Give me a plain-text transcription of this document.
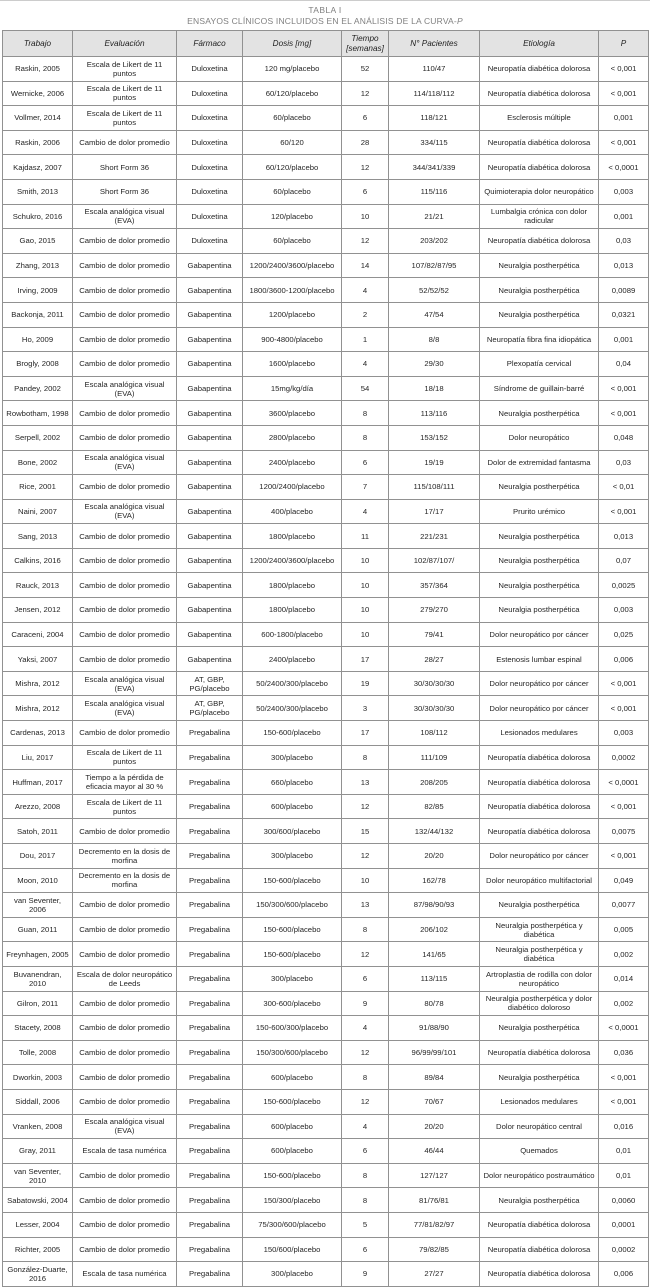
TABLA I
ENSAYOS CLÍNICOS INCLUIDOS EN EL ANÁLISIS DE LA CURVA-P
Trabajo	Evaluación	Fármaco	Dosis [mg]	Tiempo [semanas]	N° Pacientes	Etiología	P
Raskin, 2005	Escala de Likert de 11 puntos	Duloxetina	120 mg/placebo	52	110/47	Neuropatía diabética dolorosa	< 0,001
Wernicke, 2006	Escala de Likert de 11 puntos	Duloxetina	60/120/placebo	12	114/118/112	Neuropatía diabética dolorosa	< 0,001
Vollmer, 2014	Escala de Likert de 11 puntos	Duloxetina	60/placebo	6	118/121	Esclerosis múltiple	0,001
Raskin, 2006	Cambio de dolor promedio	Duloxetina	60/120	28	334/115	Neuropatía diabética dolorosa	< 0,001
Kajdasz, 2007	Short Form 36	Duloxetina	60/120/placebo	12	344/341/339	Neuropatía diabética dolorosa	< 0,0001
Smith, 2013	Short Form 36	Duloxetina	60/placebo	6	115/116	Quimioterapia dolor neuropático	0,003
Schukro, 2016	Escala analógica visual (EVA)	Duloxetina	120/placebo	10	21/21	Lumbalgia crónica con dolor radicular	0,001
Gao, 2015	Cambio de dolor promedio	Duloxetina	60/placebo	12	203/202	Neuropatía diabética dolorosa	0,03
Zhang, 2013	Cambio de dolor promedio	Gabapentina	1200/2400/3600/placebo	14	107/82/87/95	Neuralgia postherpética	0,013
Irving, 2009	Cambio de dolor promedio	Gabapentina	1800/3600-1200/placebo	4	52/52/52	Neuralgia postherpética	0,0089
Backonja, 2011	Cambio de dolor promedio	Gabapentina	1200/placebo	2	47/54	Neuralgia postherpética	0,0321
Ho, 2009	Cambio de dolor promedio	Gabapentina	900-4800/placebo	1	8/8	Neuropatía fibra fina idiopática	0,001
Brogly, 2008	Cambio de dolor promedio	Gabapentina	1600/placebo	4	29/30	Plexopatía cervical	0,04
Pandey, 2002	Escala analógica visual (EVA)	Gabapentina	15mg/kg/día	54	18/18	Síndrome de guillain-barré	< 0,001
Rowbotham, 1998	Cambio de dolor promedio	Gabapentina	3600/placebo	8	113/116	Neuralgia postherpética	< 0,001
Serpell, 2002	Cambio de dolor promedio	Gabapentina	2800/placebo	8	153/152	Dolor neuropático	0,048
Bone, 2002	Escala analógica visual (EVA)	Gabapentina	2400/placebo	6	19/19	Dolor de extremidad fantasma	0,03
Rice, 2001	Cambio de dolor promedio	Gabapentina	1200/2400/placebo	7	115/108/111	Neuralgia postherpética	< 0,01
Naini, 2007	Escala analógica visual (EVA)	Gabapentina	400/placebo	4	17/17	Prurito urémico	< 0,001
Sang, 2013	Cambio de dolor promedio	Gabapentina	1800/placebo	11	221/231	Neuralgia postherpética	0,013
Calkins, 2016	Cambio de dolor promedio	Gabapentina	1200/2400/3600/placebo	10	102/87/107/	Neuralgia postherpética	0,07
Rauck, 2013	Cambio de dolor promedio	Gabapentina	1800/placebo	10	357/364	Neuralgia postherpética	0,0025
Jensen, 2012	Cambio de dolor promedio	Gabapentina	1800/placebo	10	279/270	Neuralgia postherpética	0,003
Caraceni, 2004	Cambio de dolor promedio	Gabapentina	600-1800/placebo	10	79/41	Dolor neuropático por cáncer	0,025
Yaksi, 2007	Cambio de dolor promedio	Gabapentina	2400/placebo	17	28/27	Estenosis lumbar espinal	0,006
Mishra, 2012	Escala analógica visual (EVA)	AT, GBP, PG/placebo	50/2400/300/placebo	19	30/30/30/30	Dolor neuropático por cáncer	< 0,001
Mishra, 2012	Escala analógica visual (EVA)	AT, GBP, PG/placebo	50/2400/300/placebo	3	30/30/30/30	Dolor neuropático por cáncer	< 0,001
Cardenas, 2013	Cambio de dolor promedio	Pregabalina	150-600/placebo	17	108/112	Lesionados medulares	0,003
Liu, 2017	Escala de Likert de 11 puntos	Pregabalina	300/placebo	8	111/109	Neuropatía diabética dolorosa	0,0002
Huffman, 2017	Tiempo a la pérdida de eficacia mayor al 30 %	Pregabalina	660/placebo	13	208/205	Neuropatía diabética dolorosa	< 0,0001
Arezzo, 2008	Escala de Likert de 11 puntos	Pregabalina	600/placebo	12	82/85	Neuropatía diabética dolorosa	< 0,001
Satoh, 2011	Cambio de dolor promedio	Pregabalina	300/600/placebo	15	132/44/132	Neuropatía diabética dolorosa	0,0075
Dou, 2017	Decremento en la dosis de morfina	Pregabalina	300/placebo	12	20/20	Dolor neuropático por cáncer	< 0,001
Moon, 2010	Decremento en la dosis de morfina	Pregabalina	150-600/placebo	10	162/78	Dolor neuropático multifactorial	0,049
van Seventer, 2006	Cambio de dolor promedio	Pregabalina	150/300/600/placebo	13	87/98/90/93	Neuralgia postherpética	0,0077
Guan, 2011	Cambio de dolor promedio	Pregabalina	150-600/placebo	8	206/102	Neuralgia postherpética y diabética	0,005
Freynhagen, 2005	Cambio de dolor promedio	Pregabalina	150-600/placebo	12	141/65	Neuralgia postherpética y diabética	0,002
Buvanendran, 2010	Escala de dolor neuropático de Leeds	Pregabalina	300/placebo	6	113/115	Artroplastia de rodilla con dolor neuropático	0,014
Gilron, 2011	Cambio de dolor promedio	Pregabalina	300-600/placebo	9	80/78	Neuralgia postherpética y dolor diabético doloroso	0,002
Stacety, 2008	Cambio de dolor promedio	Pregabalina	150-600/300/placebo	4	91/88/90	Neuralgia postherpética	< 0,0001
Tolle, 2008	Cambio de dolor promedio	Pregabalina	150/300/600/placebo	12	96/99/99/101	Neuropatía diabética dolorosa	0,036
Dworkin, 2003	Cambio de dolor promedio	Pregabalina	600/placebo	8	89/84	Neuralgia postherpética	< 0,001
Siddall, 2006	Cambio de dolor promedio	Pregabalina	150-600/placebo	12	70/67	Lesionados medulares	< 0,001
Vranken, 2008	Escala analógica visual (EVA)	Pregabalina	600/placebo	4	20/20	Dolor neuropático central	0,016
Gray, 2011	Escala de tasa numérica	Pregabalina	600/placebo	6	46/44	Quemados	0,01
van Seventer, 2010	Cambio de dolor promedio	Pregabalina	150-600/placebo	8	127/127	Dolor neuropático postraumático	0,01
Sabatowski, 2004	Cambio de dolor promedio	Pregabalina	150/300/placebo	8	81/76/81	Neuralgia postherpética	0,0060
Lesser, 2004	Cambio de dolor promedio	Pregabalina	75/300/600/placebo	5	77/81/82/97	Neuropatía diabética dolorosa	0,0001
Richter, 2005	Cambio de dolor promedio	Pregabalina	150/600/placebo	6	79/82/85	Neuropatía diabética dolorosa	0,0002
González-Duarte, 2016	Escala de tasa numérica	Pregabalina	300/placebo	9	27/27	Neuropatía diabética dolorosa	0,006
